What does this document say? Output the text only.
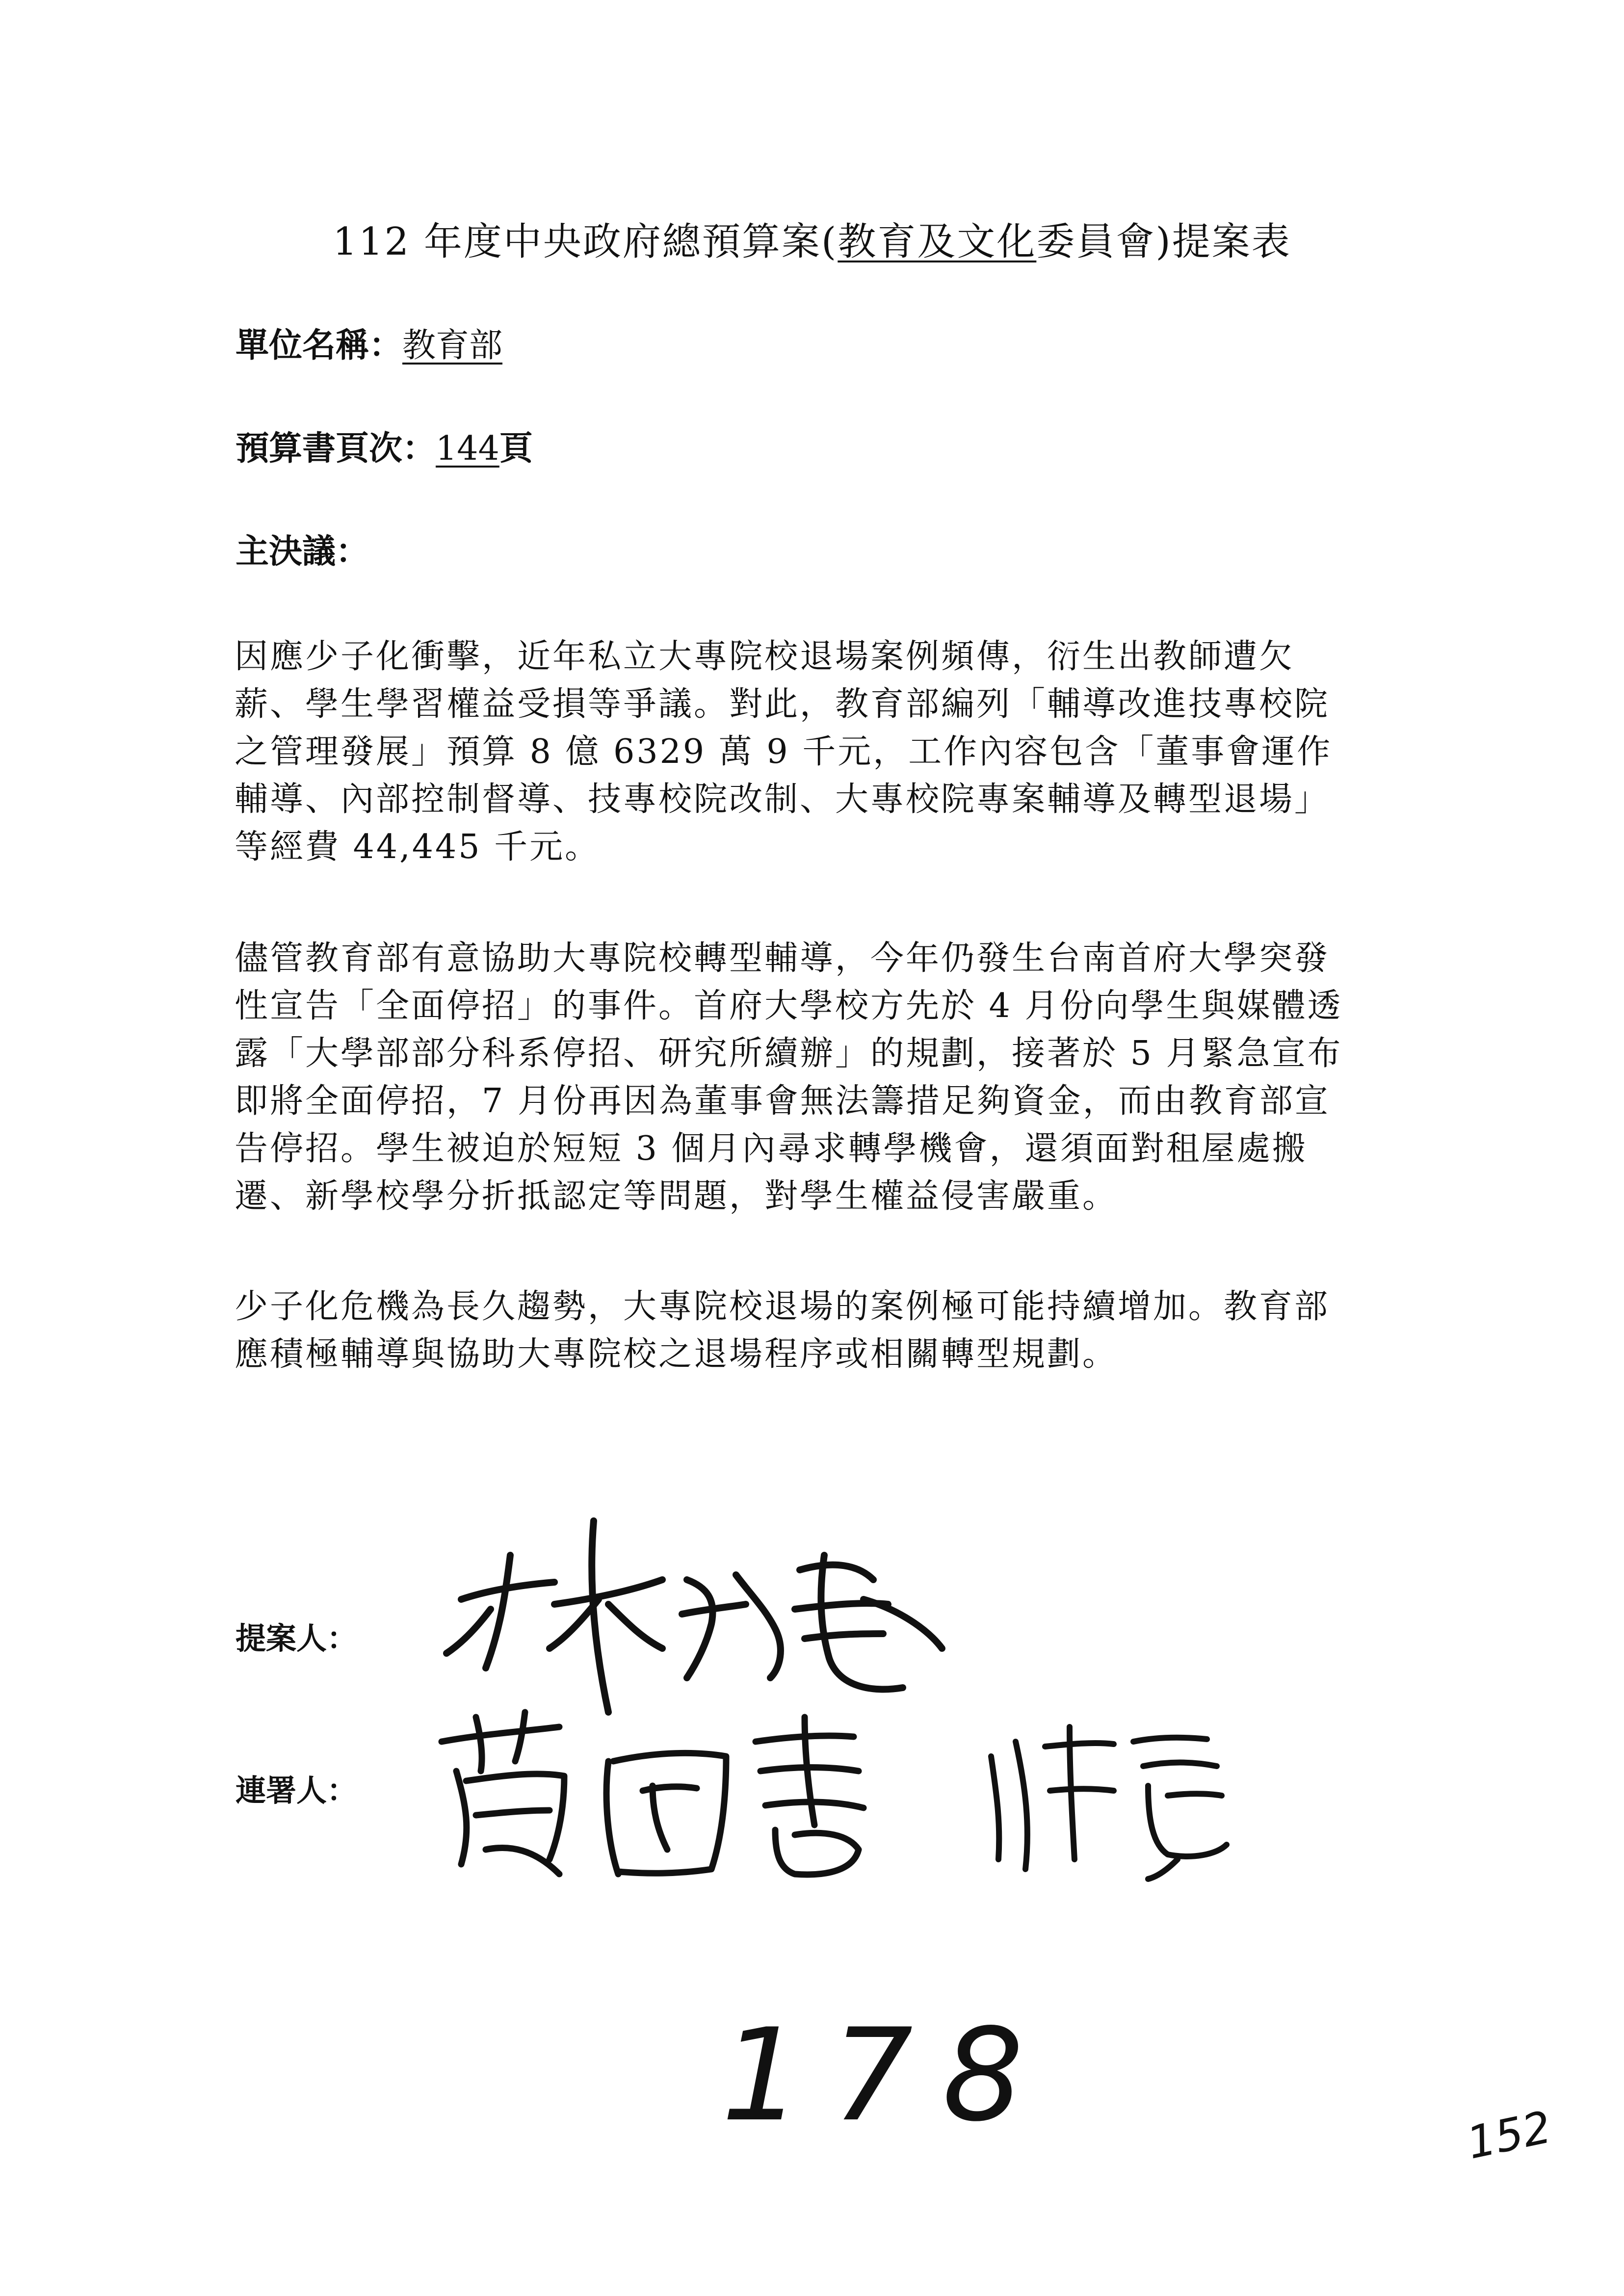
112 年度中央政府總預算案(教育及文化委員會)提案表
單位名稱：教育部
預算書頁次：144頁
主決議：
因應少子化衝擊，近年私立大專院校退場案例頻傳，衍生出教師遭欠
薪、學生學習權益受損等爭議。對此，教育部編列「輔導改進技專校院
之管理發展」預算 8 億 6329 萬 9 千元，工作內容包含「董事會運作
輔導、內部控制督導、技專校院改制、大專校院專案輔導及轉型退場」
等經費 44,445 千元。
儘管教育部有意協助大專院校轉型輔導，今年仍發生台南首府大學突發
性宣告「全面停招」的事件。首府大學校方先於 4 月份向學生與媒體透
露「大學部部分科系停招、研究所續辦」的規劃，接著於 5 月緊急宣布
即將全面停招，7 月份再因為董事會無法籌措足夠資金，而由教育部宣
告停招。學生被迫於短短 3 個月內尋求轉學機會，還須面對租屋處搬
遷、新學校學分折抵認定等問題，對學生權益侵害嚴重。
少子化危機為長久趨勢，大專院校退場的案例極可能持續增加。教育部
應積極輔導與協助大專院校之退場程序或相關轉型規劃。
提案人：
連署人：
178	152
